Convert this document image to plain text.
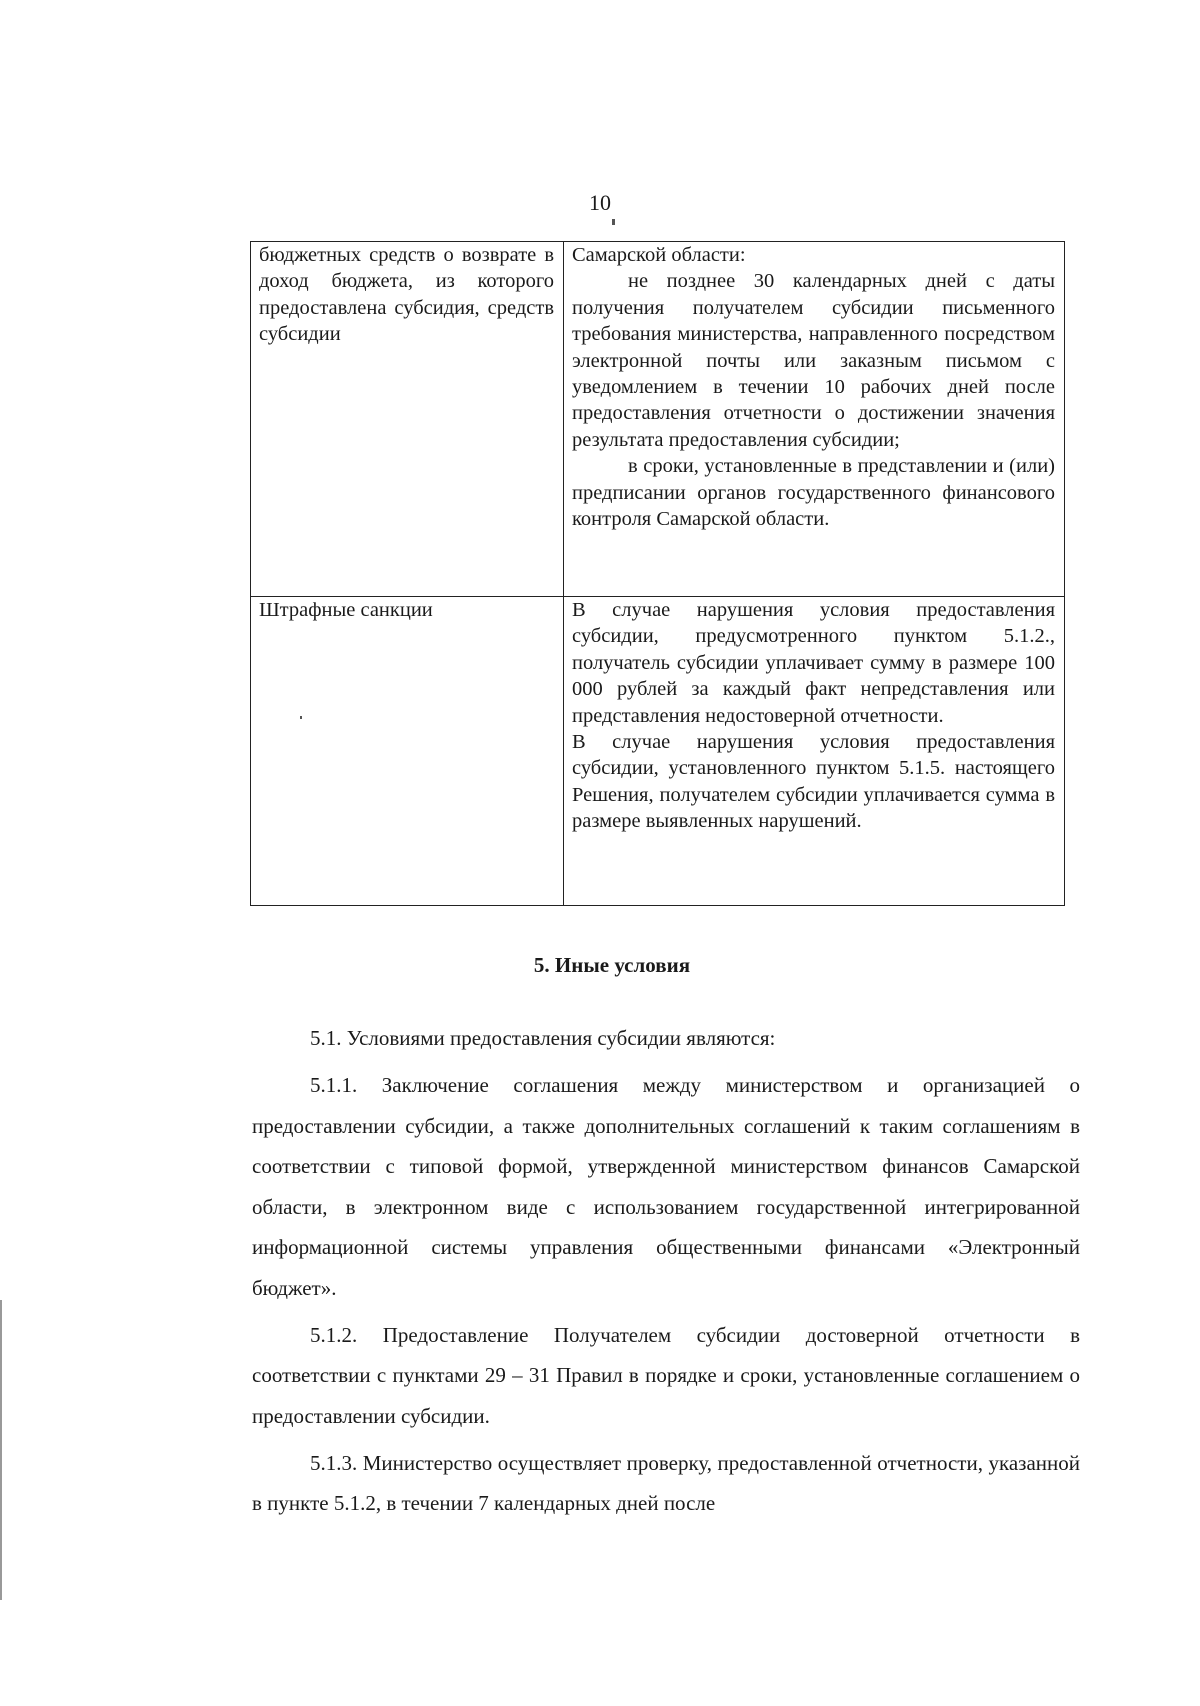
10

бюджетных средств о возврате в доход бюджета, из которого предоставлена субсидия, средств субсидии	Самарской области:

не позднее 30 календарных дней с даты получения получателем субсидии письменного требования министерства, направленного посредством электронной почты или заказным письмом с уведомлением в течении 10 рабочих дней после предоставления отчетности о достижении значения результата предоставления субсидии;

в сроки, установленные в представлении и (или) предписании органов государственного финансового контроля Самарской области.

Штрафные санкции	В случае нарушения условия предоставления субсидии, предусмотренного пунктом 5.1.2., получатель субсидии уплачивает сумму в размере 100 000 рублей за каждый факт непредставления или представления недостоверной отчетности.

В случае нарушения условия предоставления субсидии, установленного пунктом 5.1.5. настоящего Решения, получателем субсидии уплачивается сумма в размере выявленных нарушений.

5. Иные условия

5.1. Условиями предоставления субсидии являются:

5.1.1. Заключение соглашения между министерством и организацией о предоставлении субсидии, а также дополнительных соглашений к таким соглашениям в соответствии с типовой формой, утвержденной министерством финансов Самарской области, в электронном виде с использованием государственной интегрированной информационной системы управления общественными финансами «Электронный бюджет».

5.1.2. Предоставление Получателем субсидии достоверной отчетности в соответствии с пунктами 29 – 31 Правил в порядке и сроки, установленные соглашением о предоставлении субсидии.

5.1.3. Министерство осуществляет проверку, предоставленной отчетности, указанной в пункте 5.1.2, в течении 7 календарных дней после
